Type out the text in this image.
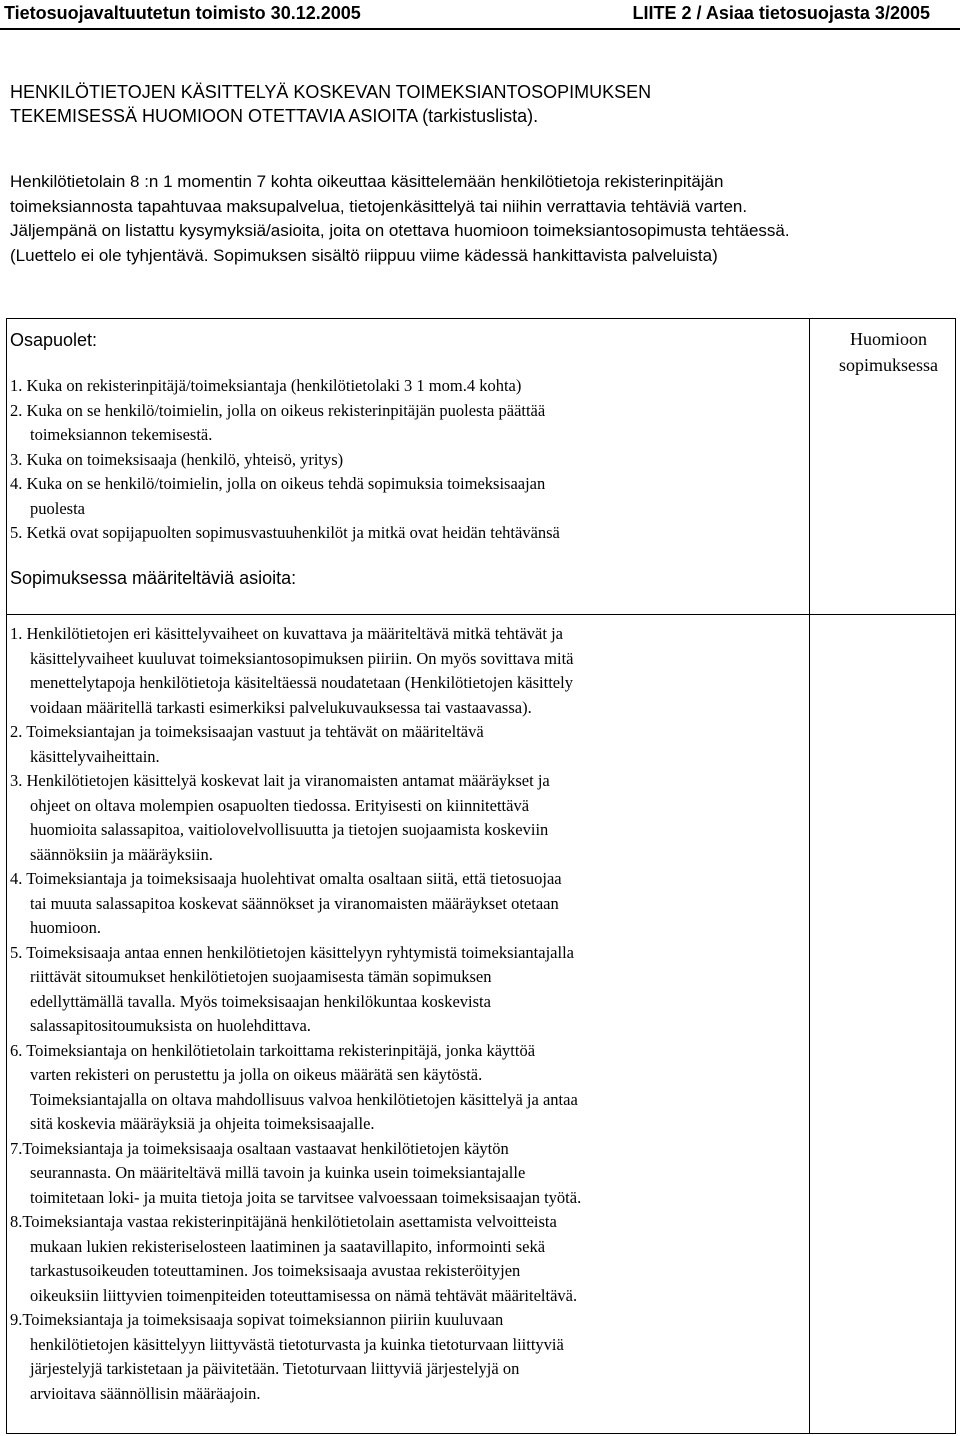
Tietosuojavaltuutetun toimisto 30.12.2005	LIITE 2 / Asiaa tietosuojasta 3/2005
HENKILÖTIETOJEN KÄSITTELYÄ KOSKEVAN TOIMEKSIANTOSOPIMUKSEN
TEKEMISESSÄ HUOMIOON OTETTAVIA ASIOITA (tarkistuslista).

Henkilötietolain 8 :n 1 momentin 7 kohta oikeuttaa käsittelemään henkilötietoja rekisterinpitäjän

toimeksiannosta tapahtuvaa maksupalvelua, tietojenkäsittelyä tai niihin verrattavia tehtäviä varten.

Jäljempänä on listattu kysymyksiä/asioita, joita on otettava huomioon toimeksiantosopimusta tehtäessä.

(Luettelo ei ole tyhjentävä. Sopimuksen sisältö riippuu viime kädessä hankittavista palveluista)

Huomioon
sopimuksessa
Osapuolet:

1. Kuka on rekisterinpitäjä/toimeksiantaja (henkilötietolaki 3 1 mom.4 kohta)

2. Kuka on se henkilö/toimielin, jolla on oikeus rekisterinpitäjän puolesta päättää

toimeksiannon tekemisestä.

3. Kuka on toimeksisaaja (henkilö, yhteisö, yritys)

4. Kuka on se henkilö/toimielin, jolla on oikeus tehdä sopimuksia toimeksisaajan

puolesta

5. Ketkä ovat sopijapuolten sopimusvastuuhenkilöt ja mitkä ovat heidän tehtävänsä

Sopimuksessa määriteltäviä asioita:

1. Henkilötietojen eri käsittelyvaiheet on kuvattava ja määriteltävä mitkä tehtävät ja

käsittelyvaiheet kuuluvat toimeksiantosopimuksen piiriin. On myös sovittava mitä

menettelytapoja henkilötietoja käsiteltäessä noudatetaan (Henkilötietojen käsittely

voidaan määritellä tarkasti esimerkiksi palvelukuvauksessa tai vastaavassa).

2. Toimeksiantajan ja toimeksisaajan vastuut ja tehtävät on määriteltävä

käsittelyvaiheittain.

3. Henkilötietojen käsittelyä koskevat lait ja viranomaisten antamat määräykset ja

ohjeet on oltava molempien osapuolten tiedossa. Erityisesti on kiinnitettävä

huomioita salassapitoa, vaitiolovelvollisuutta ja tietojen suojaamista koskeviin

säännöksiin ja määräyksiin.

4. Toimeksiantaja ja toimeksisaaja huolehtivat omalta osaltaan siitä, että tietosuojaa

tai muuta salassapitoa koskevat säännökset ja viranomaisten määräykset otetaan

huomioon.

5. Toimeksisaaja antaa ennen henkilötietojen käsittelyyn ryhtymistä toimeksiantajalla

riittävät sitoumukset henkilötietojen suojaamisesta tämän sopimuksen

edellyttämällä tavalla. Myös toimeksisaajan henkilökuntaa koskevista

salassapitositoumuksista on huolehdittava.

6. Toimeksiantaja on henkilötietolain tarkoittama rekisterinpitäjä, jonka käyttöä

varten rekisteri on perustettu ja jolla on oikeus määrätä sen käytöstä.

Toimeksiantajalla on oltava mahdollisuus valvoa henkilötietojen käsittelyä ja antaa

sitä koskevia määräyksiä ja ohjeita toimeksisaajalle.

7.Toimeksiantaja ja toimeksisaaja osaltaan vastaavat henkilötietojen käytön

seurannasta. On määriteltävä millä tavoin ja kuinka usein toimeksiantajalle

toimitetaan loki- ja muita tietoja joita se tarvitsee valvoessaan toimeksisaajan työtä.

8.Toimeksiantaja vastaa rekisterinpitäjänä henkilötietolain asettamista velvoitteista

mukaan lukien rekisteriselosteen laatiminen ja saatavillapito, informointi sekä

tarkastusoikeuden toteuttaminen. Jos toimeksisaaja avustaa rekisteröityjen

oikeuksiin liittyvien toimenpiteiden toteuttamisessa on nämä tehtävät määriteltävä.

9.Toimeksiantaja ja toimeksisaaja sopivat toimeksiannon piiriin kuuluvaan

henkilötietojen käsittelyyn liittyvästä tietoturvasta ja kuinka tietoturvaan liittyviä

järjestelyjä tarkistetaan ja päivitetään. Tietoturvaan liittyviä järjestelyjä on

arvioitava säännöllisin määräajoin.
